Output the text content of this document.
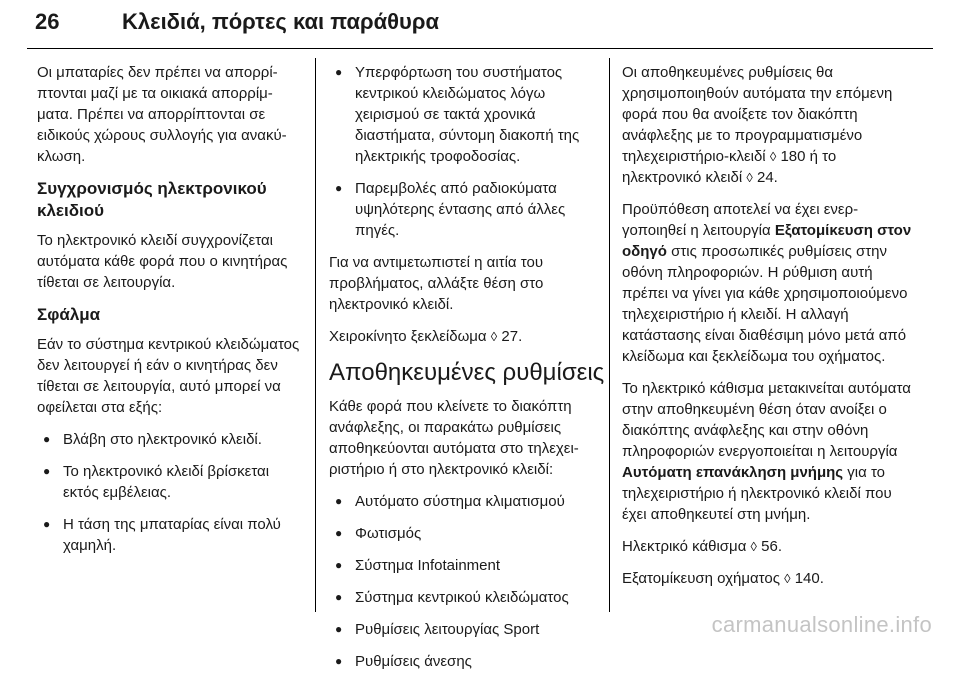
26	Κλειδιά, πόρτες και παράθυρα

Οι μπαταρίες δεν πρέπει να απορρίπτονται μαζί με τα οικιακά απορρίμματα. Πρέπει να απορρίπτονται σε ειδικούς χώρους συλλογής για ανακύκλωση.

Συγχρονισμός ηλεκτρονικού κλειδιού

Το ηλεκτρονικό κλειδί συγχρονίζεται αυτόματα κάθε φορά που ο κινητήρας τίθεται σε λειτουργία.

Σφάλμα

Εάν το σύστημα κεντρικού κλειδώματος δεν λειτουργεί ή εάν ο κινητήρας δεν τίθεται σε λειτουργία, αυτό μπορεί να οφείλεται στα εξής:

● Βλάβη στο ηλεκτρονικό κλειδί.
● Το ηλεκτρονικό κλειδί βρίσκεται εκτός εμβέλειας.
● Η τάση της μπαταρίας είναι πολύ χαμηλή.
● Υπερφόρτωση του συστήματος κεντρικού κλειδώματος λόγω χειρισμού σε τακτά χρονικά διαστήματα, σύντομη διακοπή της ηλεκτρικής τροφοδοσίας.
● Παρεμβολές από ραδιοκύματα υψηλότερης έντασης από άλλες πηγές.

Για να αντιμετωπιστεί η αιτία του προβλήματος, αλλάξτε θέση στο ηλεκτρονικό κλειδί.

Χειροκίνητο ξεκλείδωμα ◊ 27.

Αποθηκευμένες ρυθμίσεις

Κάθε φορά που κλείνετε το διακόπτη ανάφλεξης, οι παρακάτω ρυθμίσεις αποθηκεύονται αυτόματα στο τηλεχειριστήριο ή στο ηλεκτρονικό κλειδί:

● Αυτόματο σύστημα κλιματισμού
● Φωτισμός
● Σύστημα Infotainment
● Σύστημα κεντρικού κλειδώματος
● Ρυθμίσεις λειτουργίας Sport
● Ρυθμίσεις άνεσης

Οι αποθηκευμένες ρυθμίσεις θα χρησιμοποιηθούν αυτόματα την επόμενη φορά που θα ανοίξετε τον διακόπτη ανάφλεξης με το προγραμματισμένο τηλεχειριστήριο-κλειδί ◊ 180 ή το ηλεκτρονικό κλειδί ◊ 24.

Προϋπόθεση αποτελεί να έχει ενεργοποιηθεί η λειτουργία Εξατομίκευση στον οδηγό στις προσωπικές ρυθμίσεις στην οθόνη πληροφοριών. Η ρύθμιση αυτή πρέπει να γίνει για κάθε χρησιμοποιούμενο τηλεχειριστήριο ή κλειδί. Η αλλαγή κατάστασης είναι διαθέσιμη μόνο μετά από κλείδωμα και ξεκλείδωμα του οχήματος.

Το ηλεκτρικό κάθισμα μετακινείται αυτόματα στην αποθηκευμένη θέση όταν ανοίξει ο διακόπτης ανάφλεξης και στην οθόνη πληροφοριών ενεργοποιείται η λειτουργία Αυτόματη επανάκληση μνήμης για το τηλεχειριστήριο ή ηλεκτρονικό κλειδί που έχει αποθηκευτεί στη μνήμη.

Ηλεκτρικό κάθισμα ◊ 56.

Εξατομίκευση οχήματος ◊ 140.

carmanualsonline.info
